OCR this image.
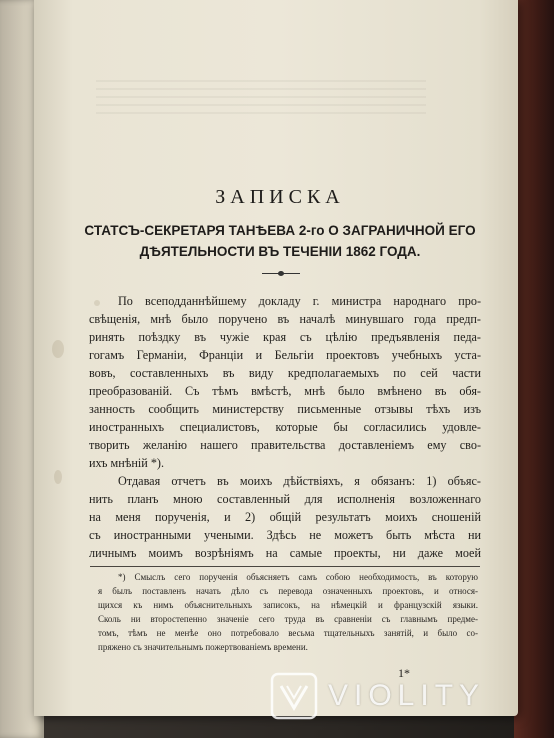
ЗАПИСКА
СТАТСЪ-СЕКРЕТАРЯ ТАНѢЕВА 2-го О ЗАГРАНИЧНОЙ ЕГО
ДѢЯТЕЛЬНОСТИ ВЪ ТЕЧЕНІИ 1862 ГОДА.
По всеподданнѣйшему докладу г. министра народнаго про-
свѣщенія, мнѣ было поручено въ началѣ минувшаго года предп-
ринять поѣздку въ чужіе края съ цѣлію предъявленія педа-
гогамъ Германіи, Франціи и Бельгіи проектовъ учебныхъ уста-
вовъ, составленныхъ въ виду кредполагаемыхъ по сей части
преобразованій. Съ тѣмъ вмѣстѣ, мнѣ было вмѣнено въ обя-
занность сообщить министерству письменные отзывы тѣхъ изъ
иностранныхъ специалистовъ, которые бы согласились удовле-
творить желанію нашего правительства доставленіемъ ему сво-
ихъ мнѣній *).
Отдавая отчетъ въ моихъ дѣйствіяхъ, я обязанъ: 1) объяс-
нить планъ мною составленный для исполненія возложеннаго
на меня порученія, и 2) общій результатъ моихъ сношеній
съ иностранными учеными. Здѣсь не можетъ быть мѣста ни
личнымъ моимъ возрѣніямъ на самые проекты, ни даже моей
*) Смыслъ сего порученія объясняетъ самъ собою необходимость, въ которую
я былъ поставленъ начать дѣло съ перевода означенныхъ проектовъ, и относя-
щихся къ нимъ объяснительныхъ записокъ, на нѣмецкій и французскій языки.
Сколь ни второстепенно значеніе сего труда въ сравненіи съ главнымъ предме-
томъ, тѣмъ не менѣе оно потребовало весьма тщательныхъ занятій, и было со-
пряжено съ значительнымъ пожертвованіемъ времени.
1*
VIOLITY
